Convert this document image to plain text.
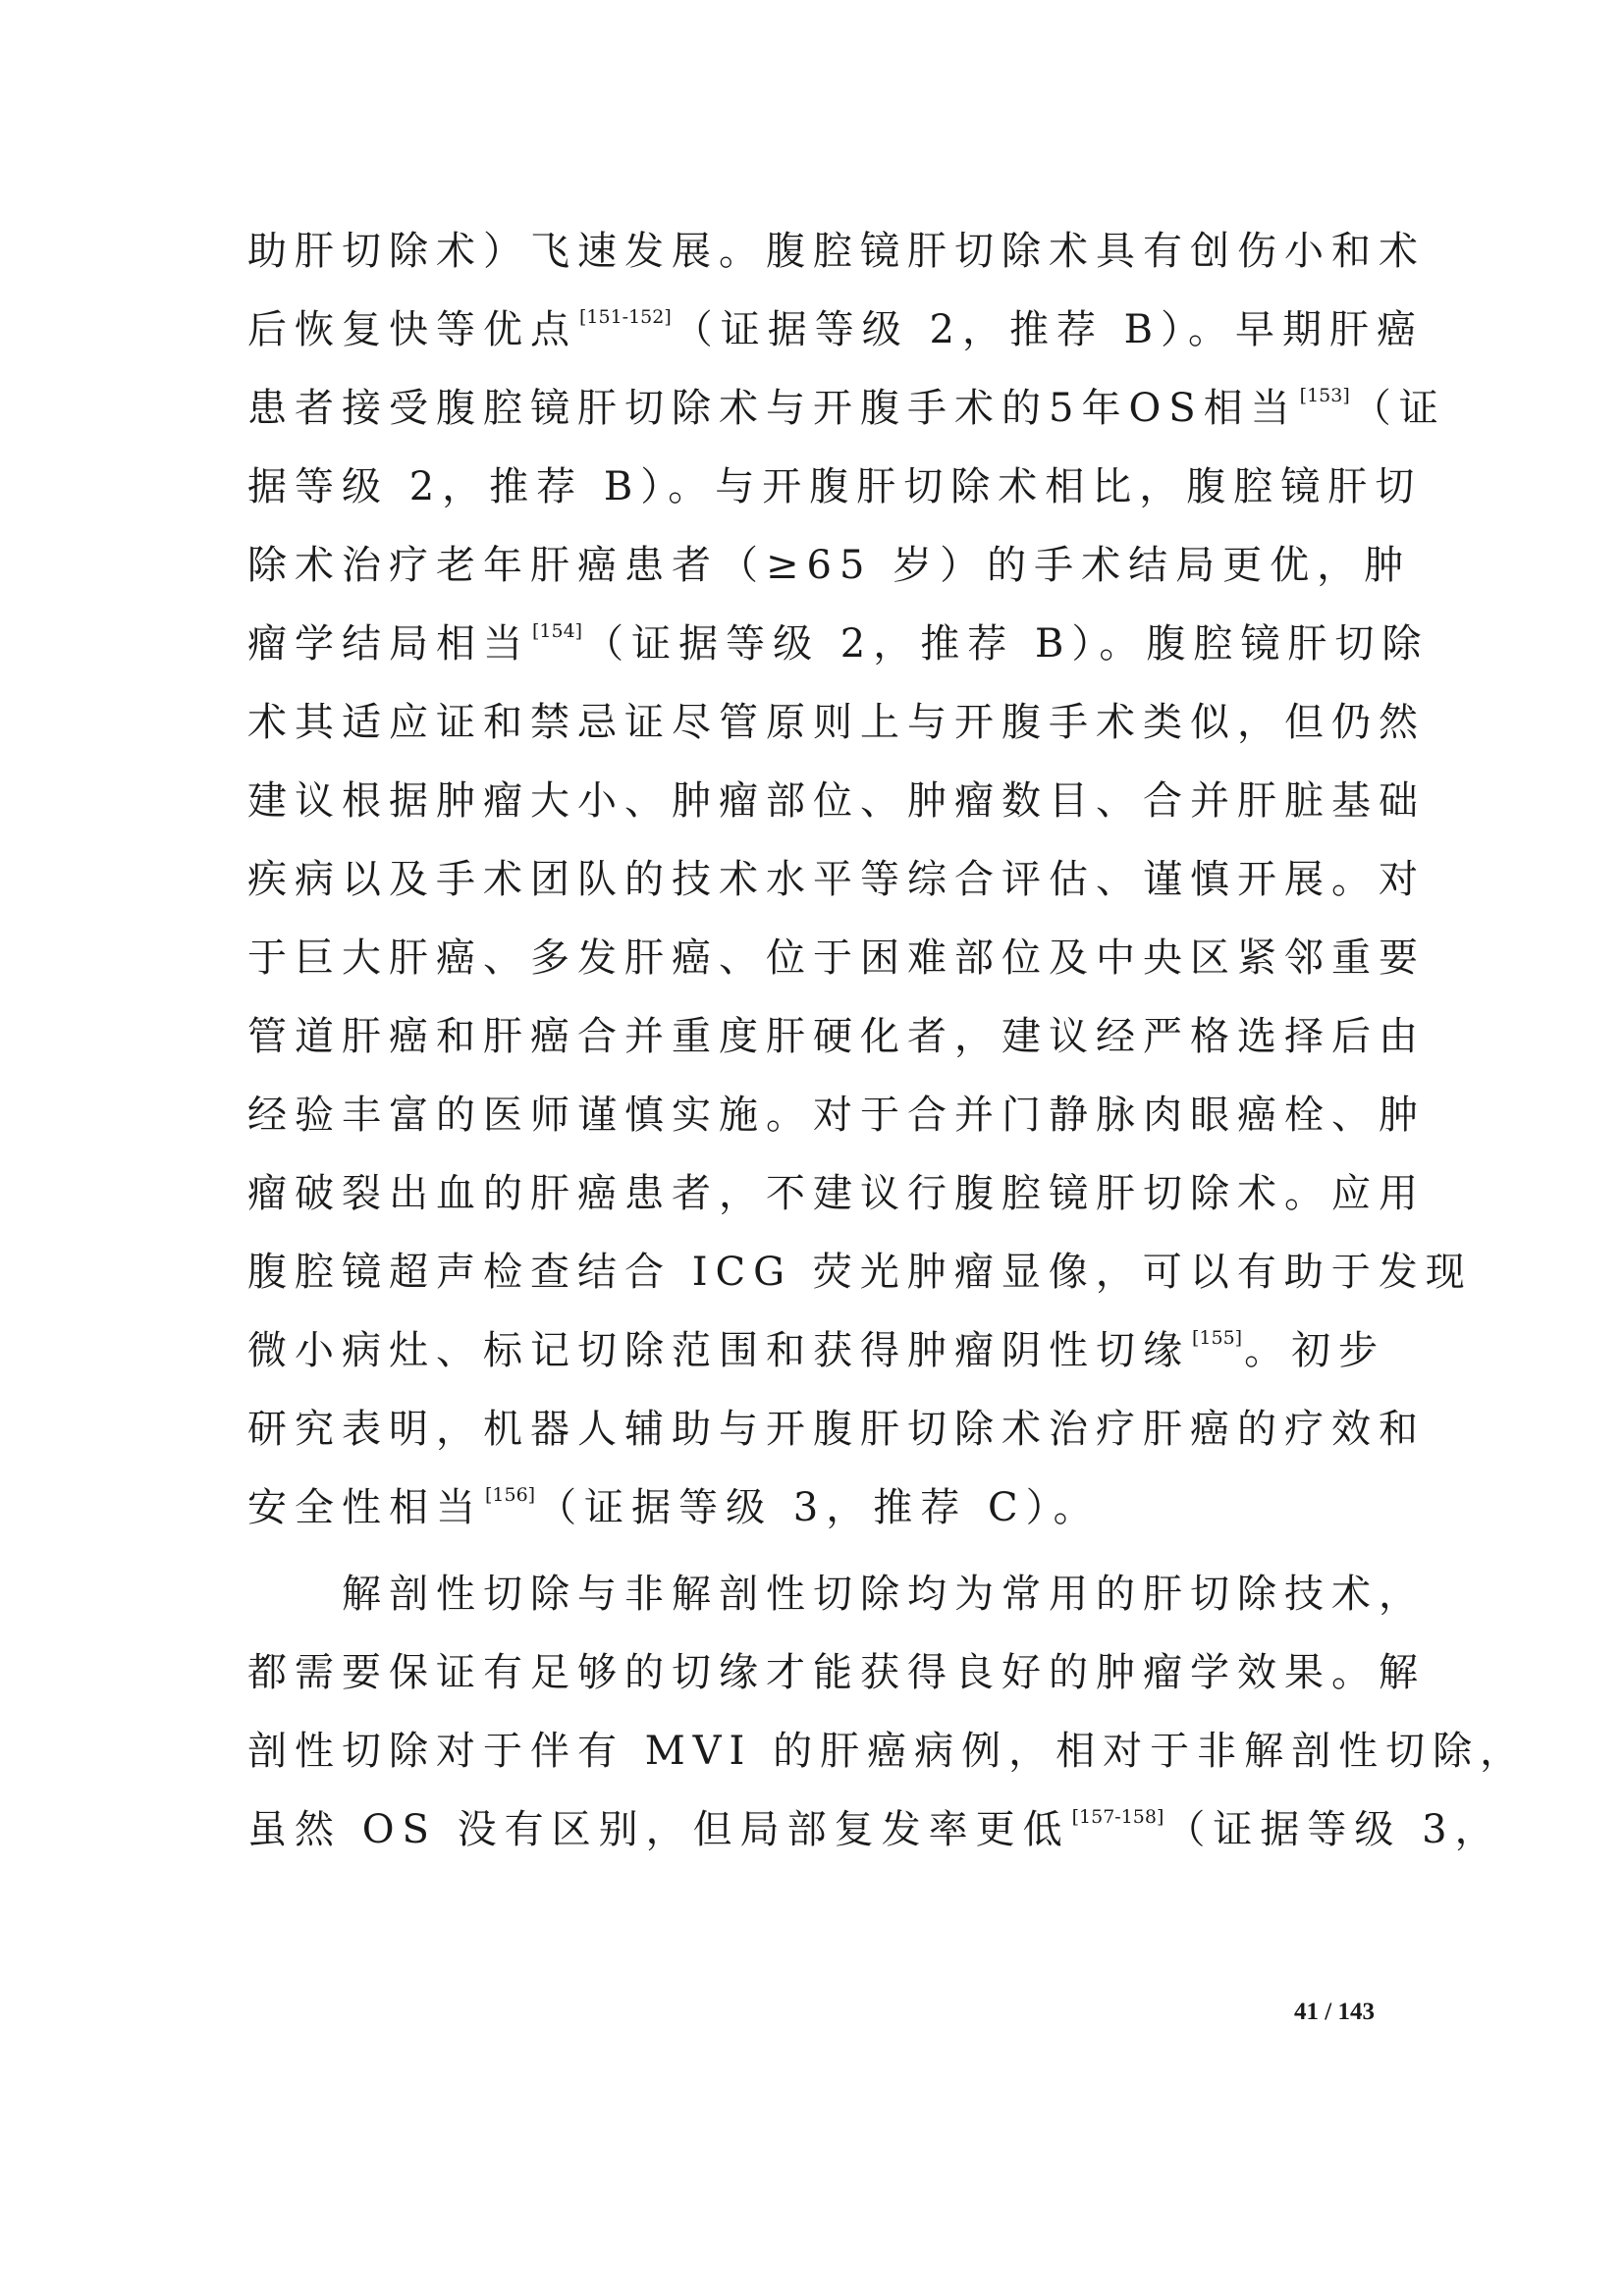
助肝切除术）飞速发展。腹腔镜肝切除术具有创伤小和术
后恢复快等优点 [151-152]（证据等级 2，推荐 B）。早期肝癌
患者接受腹腔镜肝切除术与开腹手术的5年OS相当 [153]（证
据等级 2，推荐 B）。与开腹肝切除术相比，腹腔镜肝切
除术治疗老年肝癌患者（≥65 岁）的手术结局更优，肿
瘤学结局相当 [154]（证据等级 2，推荐 B）。腹腔镜肝切除
术其适应证和禁忌证尽管原则上与开腹手术类似，但仍然
建议根据肿瘤大小、肿瘤部位、肿瘤数目、合并肝脏基础
疾病以及手术团队的技术水平等综合评估、谨慎开展。对
于巨大肝癌、多发肝癌、位于困难部位及中央区紧邻重要
管道肝癌和肝癌合并重度肝硬化者，建议经严格选择后由
经验丰富的医师谨慎实施。对于合并门静脉肉眼癌栓、肿
瘤破裂出血的肝癌患者，不建议行腹腔镜肝切除术。应用
腹腔镜超声检查结合 ICG 荧光肿瘤显像，可以有助于发现
微小病灶、标记切除范围和获得肿瘤阴性切缘 [155]。初步
研究表明，机器人辅助与开腹肝切除术治疗肝癌的疗效和
安全性相当 [156]（证据等级 3，推荐 C）。
解剖性切除与非解剖性切除均为常用的肝切除技术，
都需要保证有足够的切缘才能获得良好的肿瘤学效果。解
剖性切除对于伴有 MVI 的肝癌病例，相对于非解剖性切除，
虽然 OS 没有区别，但局部复发率更低 [157-158]（证据等级 3，
41 / 143
